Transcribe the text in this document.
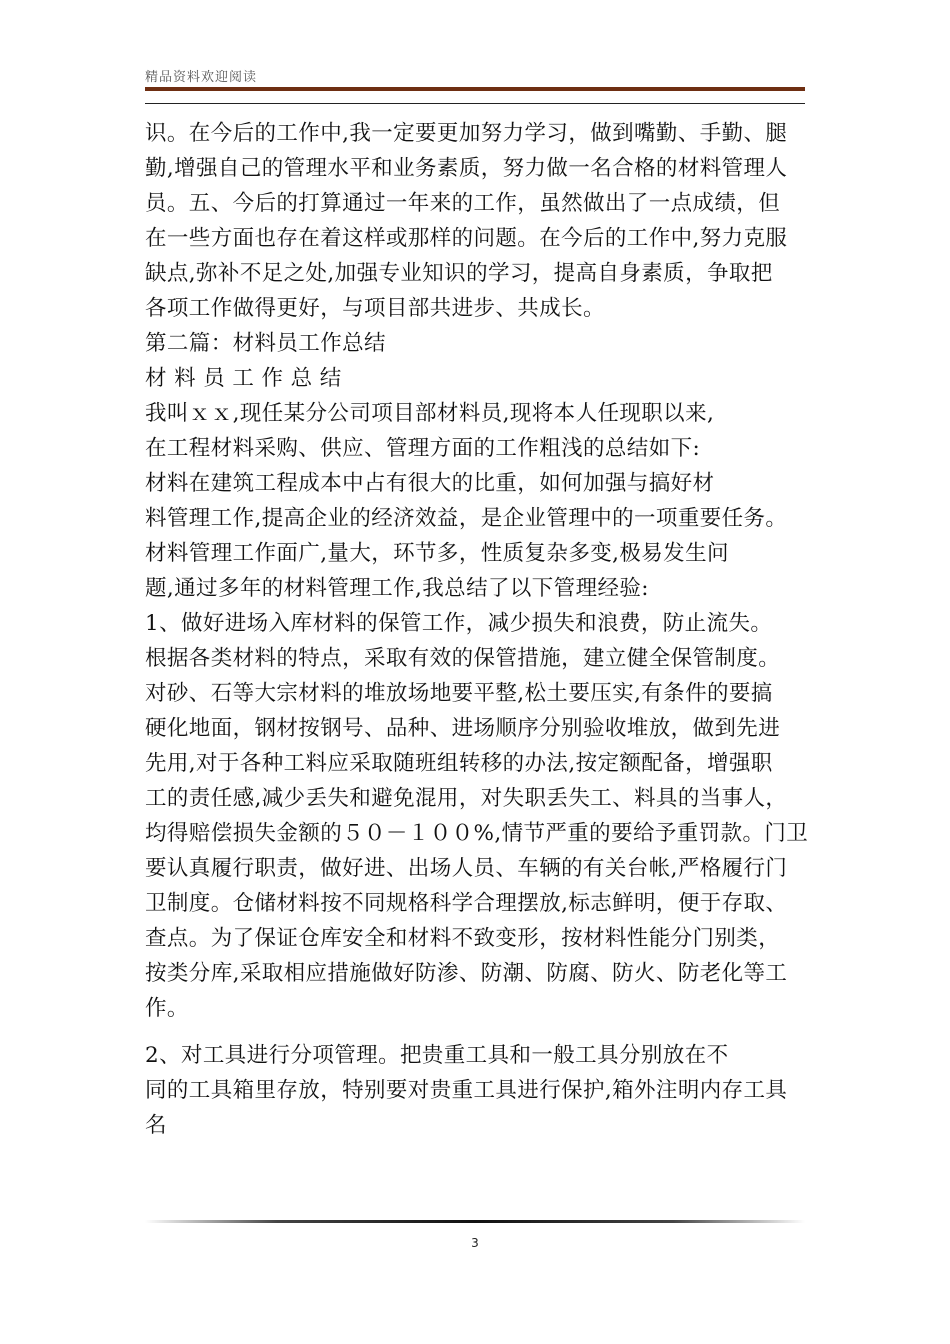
精品资料欢迎阅读
识。在今后的工作中,我一定要更加努力学习，做到嘴勤、手勤、腿
勤,增强自己的管理水平和业务素质，努力做一名合格的材料管理人
员。五、今后的打算通过一年来的工作，虽然做出了一点成绩，但
在一些方面也存在着这样或那样的问题。在今后的工作中,努力克服
缺点,弥补不足之处,加强专业知识的学习，提高自身素质，争取把
各项工作做得更好，与项目部共进步、共成长。
第二篇：材料员工作总结
材 料 员 工 作 总 结
我叫ｘｘ,现任某分公司项目部材料员,现将本人任现职以来,
在工程材料采购、供应、管理方面的工作粗浅的总结如下:
材料在建筑工程成本中占有很大的比重，如何加强与搞好材
料管理工作,提高企业的经济效益，是企业管理中的一项重要任务。
材料管理工作面广,量大，环节多，性质复杂多变,极易发生问
题,通过多年的材料管理工作,我总结了以下管理经验:
1、做好进场入库材料的保管工作，减少损失和浪费，防止流失。
根据各类材料的特点，采取有效的保管措施，建立健全保管制度。
对砂、石等大宗材料的堆放场地要平整,松土要压实,有条件的要搞
硬化地面，钢材按钢号、品种、进场顺序分别验收堆放，做到先进
先用,对于各种工料应采取随班组转移的办法,按定额配备，增强职
工的责任感,减少丢失和避免混用，对失职丢失工、料具的当事人，
均得赔偿损失金额的５０－１００%,情节严重的要给予重罚款。门卫
要认真履行职责，做好进、出场人员、车辆的有关台帐,严格履行门
卫制度。仓储材料按不同规格科学合理摆放,标志鲜明，便于存取、
查点。为了保证仓库安全和材料不致变形，按材料性能分门别类，
按类分库,采取相应措施做好防渗、防潮、防腐、防火、防老化等工
作。
2、对工具进行分项管理。把贵重工具和一般工具分别放在不
同的工具箱里存放，特别要对贵重工具进行保护,箱外注明内存工具
名
3
